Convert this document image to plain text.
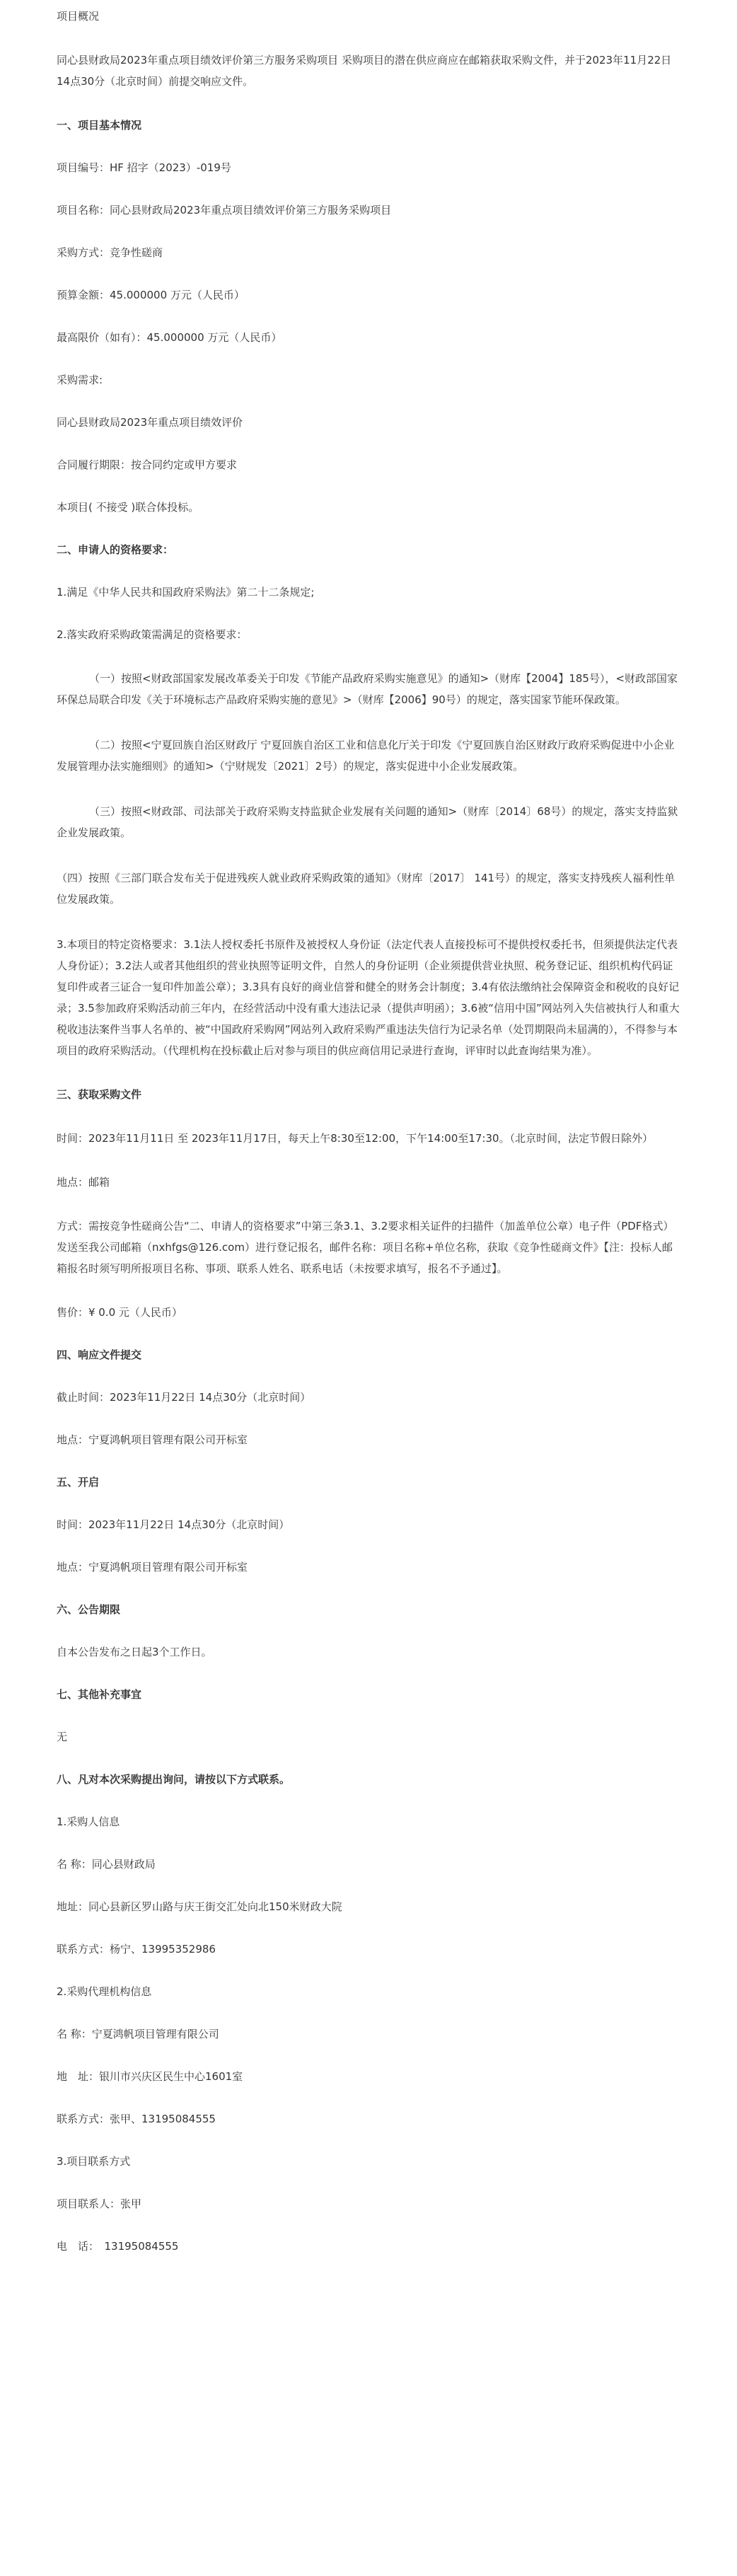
项目概况

同心县财政局2023年重点项目绩效评价第三方服务采购项目 采购项目的潜在供应商应在邮箱获取采购文件，并于2023年11月22日 14点30分（北京时间）前提交响应文件。

一、项目基本情况

项目编号：HF 招字（2023）-019号

项目名称：同心县财政局2023年重点项目绩效评价第三方服务采购项目

采购方式：竞争性磋商

预算金额：45.000000 万元（人民币）

最高限价（如有）：45.000000 万元（人民币）

采购需求:

同心县财政局2023年重点项目绩效评价

合同履行期限：按合同约定或甲方要求

本项目( 不接受 )联合体投标。

二、申请人的资格要求：

1.满足《中华人民共和国政府采购法》第二十二条规定;

2.落实政府采购政策需满足的资格要求：

（一）按照<财政部国家发展改革委关于印发《节能产品政府采购实施意见》的通知>（财库【2004】185号），<财政部国家环保总局联合印发《关于环境标志产品政府采购实施的意见》>（财库【2006】90号）的规定，落实国家节能环保政策。

（二）按照<宁夏回族自治区财政厅 宁夏回族自治区工业和信息化厅关于印发《宁夏回族自治区财政厅政府采购促进中小企业发展管理办法实施细则》的通知>（宁财规发〔2021〕2号）的规定，落实促进中小企业发展政策。

（三）按照<财政部、司法部关于政府采购支持监狱企业发展有关问题的通知>（财库〔2014〕68号）的规定，落实支持监狱企业发展政策。

（四）按照《三部门联合发布关于促进残疾人就业政府采购政策的通知》（财库〔2017〕 141号）的规定，落实支持残疾人福利性单位发展政策。

3.本项目的特定资格要求：3.1法人授权委托书原件及被授权人身份证（法定代表人直接投标可不提供授权委托书，但须提供法定代表人身份证）；3.2法人或者其他组织的营业执照等证明文件，自然人的身份证明（企业须提供营业执照、税务登记证、组织机构代码证复印件或者三证合一复印件加盖公章）；3.3具有良好的商业信誉和健全的财务会计制度；3.4有依法缴纳社会保障资金和税收的良好记录；3.5参加政府采购活动前三年内，在经营活动中没有重大违法记录（提供声明函）；3.6被“信用中国”网站列入失信被执行人和重大税收违法案件当事人名单的、被“中国政府采购网”网站列入政府采购严重违法失信行为记录名单（处罚期限尚未届满的），不得参与本项目的政府采购活动。（代理机构在投标截止后对参与项目的供应商信用记录进行查询，评审时以此查询结果为准）。

三、获取采购文件

时间：2023年11月11日 至 2023年11月17日，每天上午8:30至12:00，下午14:00至17:30。（北京时间，法定节假日除外）

地点：邮箱

方式：需按竞争性磋商公告“二、申请人的资格要求”中第三条3.1、3.2要求相关证件的扫描件（加盖单位公章）电子件（PDF格式）发送至我公司邮箱（nxhfgs@126.com）进行登记报名，邮件名称：项目名称+单位名称，获取《竞争性磋商文件》【注：投标人邮箱报名时须写明所报项目名称、事项、联系人姓名、联系电话（未按要求填写，报名不予通过】。

售价：¥ 0.0 元（人民币）

四、响应文件提交

截止时间：2023年11月22日 14点30分（北京时间）

地点：宁夏鸿帆项目管理有限公司开标室

五、开启

时间：2023年11月22日 14点30分（北京时间）

地点：宁夏鸿帆项目管理有限公司开标室

六、公告期限

自本公告发布之日起3个工作日。

七、其他补充事宜

无

八、凡对本次采购提出询问，请按以下方式联系。

1.采购人信息

名 称：同心县财政局

地址：同心县新区罗山路与庆王街交汇处向北150米财政大院

联系方式：杨宁、13995352986

2.采购代理机构信息

名 称：宁夏鸿帆项目管理有限公司

地　址：银川市兴庆区民生中心1601室

联系方式：张甲、13195084555

3.项目联系方式

项目联系人：张甲

电　话：　13195084555
